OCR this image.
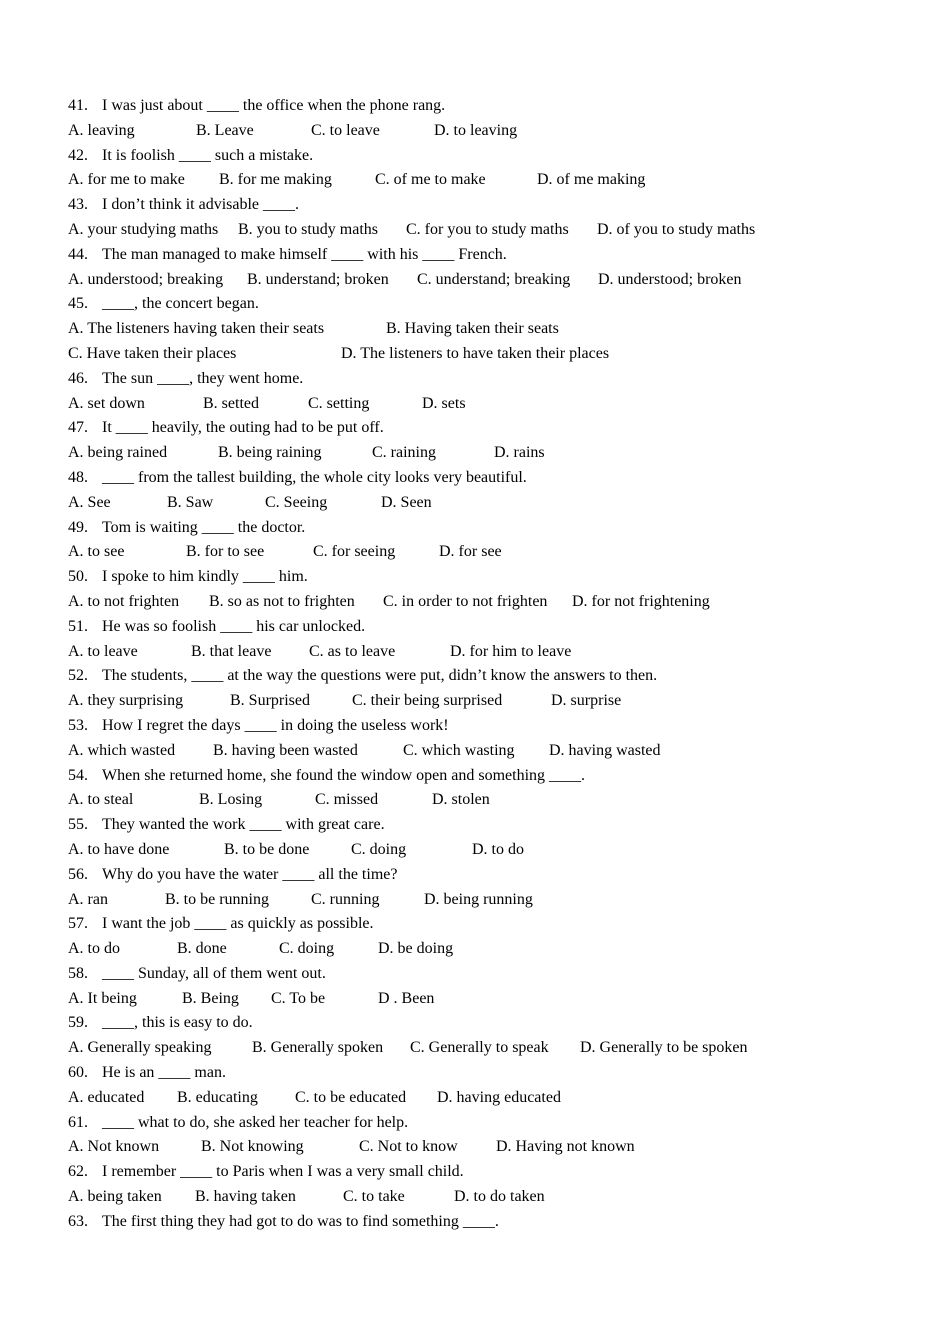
41. I was just about ____ the office when the phone rang.
A. leaving	B. Leave	C. to leave	D. to leaving
42. It is foolish ____ such a mistake.
A. for me to make B. for me making	C. of me to make	D. of me making
43. I don’t think it advisable ____.
A. your studying maths B. you to study maths C. for you to study maths D. of you to study maths
44. The man managed to make himself ____ with his ____ French.
A. understood; breaking B. understand; broken C. understand; breaking D. understood; broken
45. ____, the concert began.
A. The listeners having taken their seats	B. Having taken their seats
C. Have taken their places	D. The listeners to have taken their places
46. The sun ____, they went home.
A. set down	B. setted	C. setting	D. sets
47. It ____ heavily, the outing had to be put off.
A. being rained	B. being raining	C. raining	D. rains
48. ____ from the tallest building, the whole city looks very beautiful.
A. See	B. Saw	C. Seeing	D. Seen
49. Tom is waiting ____ the doctor.
A. to see	B. for to see	C. for seeing	D. for see
50. I spoke to him kindly ____ him.
A. to not frighten B. so as not to frighten C. in order to not frighten D. for not frightening
51. He was so foolish ____ his car unlocked.
A. to leave	B. that leave C. as to leave	D. for him to leave
52. The students, ____ at the way the questions were put, didn’t know the answers to then.
A. they surprising	B. Surprised	C. their being surprised	D. surprise
53. How I regret the days ____ in doing the useless work!
A. which wasted B. having been wasted	C. which wasting D. having wasted
54. When she returned home, she found the window open and something ____.
A. to steal	B. Losing	C. missed	D. stolen
55. They wanted the work ____ with great care.
A. to have done	B. to be done	C. doing	D. to do
56. Why do you have the water ____ all the time?
A. ran	B. to be running	C. running	D. being running
57. I want the job ____ as quickly as possible.
A. to do	B. done	C. doing	D. be doing
58. ____ Sunday, all of them went out.
A. It being	B. Being C. To be	D . Been
59. ____, this is easy to do.
A. Generally speaking	B. Generally spoken C. Generally to speak D. Generally to be spoken
60. He is an ____ man.
A. educated B. educating C. to be educated D. having educated
61. ____ what to do, she asked her teacher for help.
A. Not known	B. Not knowing	C. Not to know D. Having not known
62. I remember ____ to Paris when I was a very small child.
A. being taken B. having taken	C. to take	D. to do taken
63. The first thing they had got to do was to find something ____.
